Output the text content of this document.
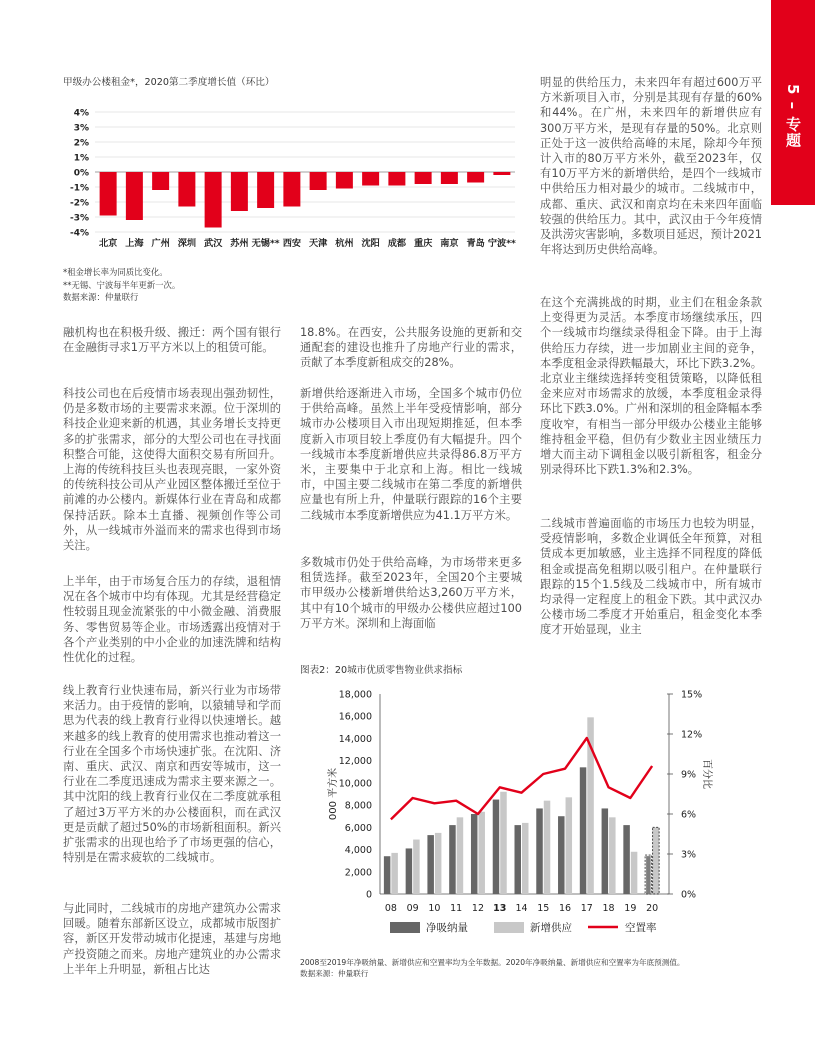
5 – 专题
甲级办公楼租金*，2020第二季度增长值（环比）
4%
3%
2%
1%
0%
-1%
-2%
-3%
-4%
北京 上海 广州 深圳 武汉 苏州 无锡** 西安 天津 杭州 沈阳 成都 重庆 南京 青岛 宁波**
*租金增长率为同质比变化。
**无锡、宁波每半年更新一次。
数据来源：仲量联行

融机构也在积极升级、搬迁：两个国有银行在金融街寻求1万平方米以上的租赁可能。

科技公司也在后疫情市场表现出强劲韧性，仍是多数市场的主要需求来源。位于深圳的科技企业迎来新的机遇，其业务增长支持更多的扩张需求，部分的大型公司也在寻找面积整合可能，这使得大面积交易有所回升。上海的传统科技巨头也表现亮眼，一家外资的传统科技公司从产业园区整体搬迁至位于前滩的办公楼内。新媒体行业在青岛和成都保持活跃。除本土直播、视频创作等公司外，从一线城市外溢而来的需求也得到市场关注。

上半年，由于市场复合压力的存续，退租情况在各个城市中均有体现。尤其是经营稳定性较弱且现金流紧张的中小微金融、消费服务、零售贸易等企业。市场透露出疫情对于各个产业类别的中小企业的加速洗牌和结构性优化的过程。

线上教育行业快速布局，新兴行业为市场带来活力。由于疫情的影响，以猿辅导和学而思为代表的线上教育行业得以快速增长。越来越多的线上教育的使用需求也推动着这一行业在全国多个市场快速扩张。在沈阳、济南、重庆、武汉、南京和西安等城市，这一行业在二季度迅速成为需求主要来源之一。其中沈阳的线上教育行业仅在二季度就承租了超过3万平方米的办公楼面积，而在武汉更是贡献了超过50%的市场新租面积。新兴扩张需求的出现也给予了市场更强的信心，特别是在需求疲软的二线城市。

与此同时，二线城市的房地产建筑办公需求回暖。随着东部新区设立，成都城市版图扩容，新区开发带动城市化提速，基建与房地产投资随之而来。房地产建筑业的办公需求上半年上升明显，新租占比达

18.8%。在西安，公共服务设施的更新和交通配套的建设也推升了房地产行业的需求，贡献了本季度新租成交的28%。

新增供给逐渐进入市场，全国多个城市仍位于供给高峰。虽然上半年受疫情影响，部分城市办公楼项目入市出现短期推延，但本季度新入市项目较上季度仍有大幅提升。四个一线城市本季度新增供应共录得86.8万平方米，主要集中于北京和上海。相比一线城市，中国主要二线城市在第二季度的新增供应量也有所上升，仲量联行跟踪的16个主要二线城市本季度新增供应为41.1万平方米。

多数城市仍处于供给高峰，为市场带来更多租赁选择。截至2023年，全国20个主要城市甲级办公楼新增供给达3,260万平方米，其中有10个城市的甲级办公楼供应超过100万平方米。深圳和上海面临

明显的供给压力，未来四年有超过600万平方米新项目入市，分别是其现有存量的60%和44%。在广州，未来四年的新增供应有300万平方米，是现有存量的50%。北京则正处于这一波供给高峰的末尾，除却今年预计入市的80万平方米外，截至2023年，仅有10万平方米的新增供给，是四个一线城市中供给压力相对最少的城市。二线城市中，成都、重庆、武汉和南京均在未来四年面临较强的供给压力。其中，武汉由于今年疫情及洪涝灾害影响，多数项目延迟，预计2021年将达到历史供给高峰。

在这个充满挑战的时期，业主们在租金条款上变得更为灵活。本季度市场继续承压，四个一线城市均继续录得租金下降。由于上海供给压力存续，进一步加剧业主间的竞争，本季度租金录得跌幅最大，环比下跌3.2%。北京业主继续选择转变租赁策略，以降低租金来应对市场需求的放缓，本季度租金录得环比下跌3.0%。广州和深圳的租金降幅本季度收窄，有相当一部分甲级办公楼业主能够维持租金平稳，但仍有少数业主因业绩压力增大而主动下调租金以吸引新租客，租金分别录得环比下跌1.3%和2.3%。

二线城市普遍面临的市场压力也较为明显，受疫情影响，多数企业调低全年预算，对租赁成本更加敏感，业主选择不同程度的降低租金或提高免租期以吸引租户。在仲量联行跟踪的15个1.5线及二线城市中，所有城市均录得一定程度上的租金下跌。其中武汉办公楼市场二季度才开始重启，租金变化本季度才开始显现，业主

图表2：20城市优质零售物业供求指标
18,000
16,000
14,000
12,000
10,000
8,000
6,000
4,000
2,000
0
15%
12%
9%
6%
3%
0%
000 平方米	百分比
08 09 10 11 12 13 14 15 16 17 18 19 20
净吸纳量	新增供应	空置率
2008至2019年净吸纳量、新增供应和空置率均为全年数据。2020年净吸纳量、新增供应和空置率为年底预测值。
数据来源：仲量联行
